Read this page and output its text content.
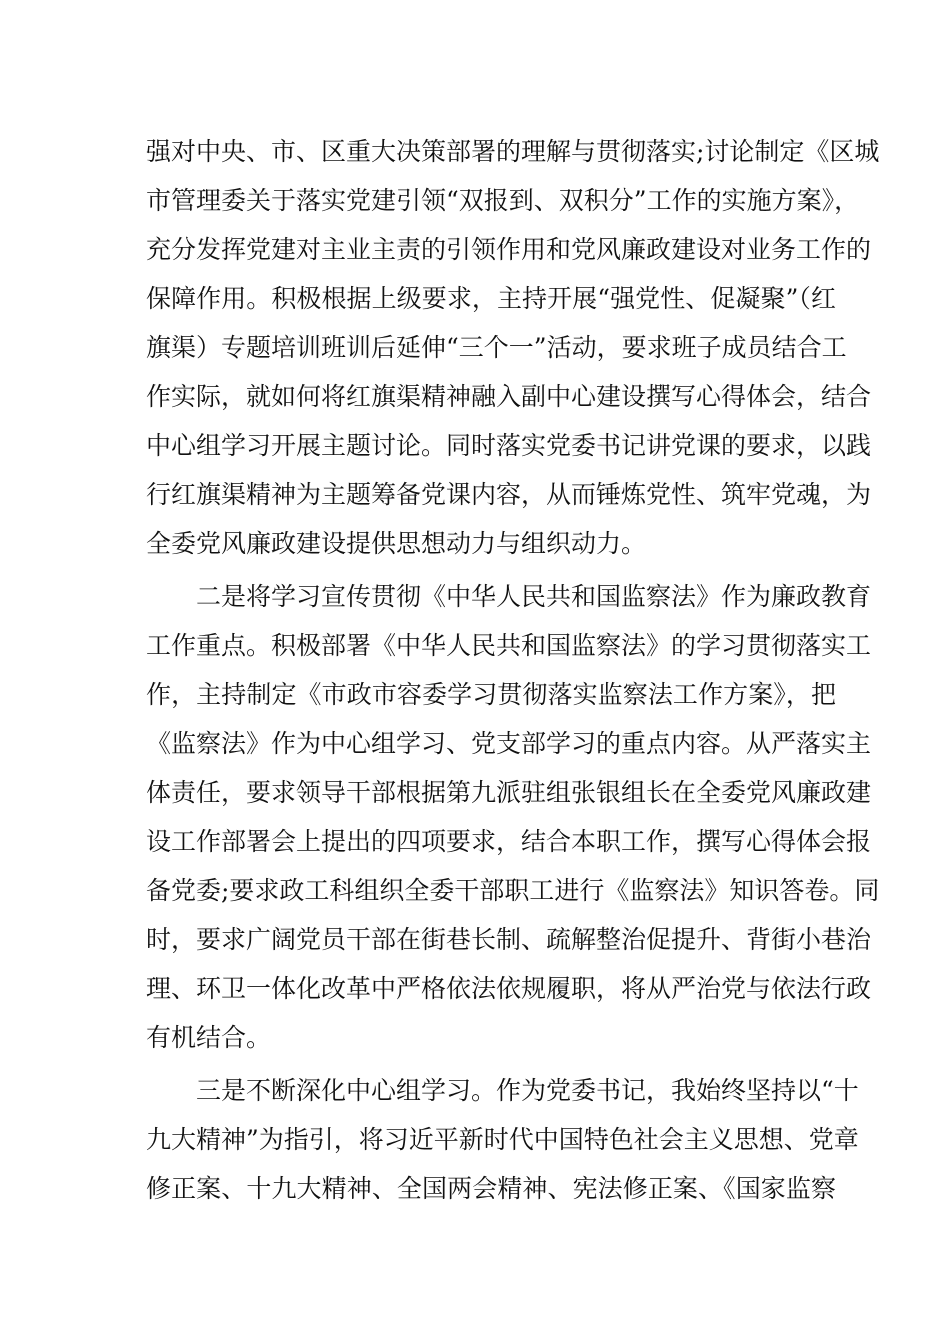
强对中央、市、区重大决策部署的理解与贯彻落实;讨论制定《区城
市管理委关于落实党建引领“双报到、双积分”工作的实施方案》，
充分发挥党建对主业主责的引领作用和党风廉政建设对业务工作的
保障作用。积极根据上级要求，主持开展“强党性、促凝聚”（红
旗渠）专题培训班训后延伸“三个一”活动，要求班子成员结合工
作实际，就如何将红旗渠精神融入副中心建设撰写心得体会，结合
中心组学习开展主题讨论。同时落实党委书记讲党课的要求，以践
行红旗渠精神为主题筹备党课内容，从而锤炼党性、筑牢党魂，为
全委党风廉政建设提供思想动力与组织动力。
二是将学习宣传贯彻《中华人民共和国监察法》作为廉政教育
工作重点。积极部署《中华人民共和国监察法》的学习贯彻落实工
作，主持制定《市政市容委学习贯彻落实监察法工作方案》，把
《监察法》作为中心组学习、党支部学习的重点内容。从严落实主
体责任，要求领导干部根据第九派驻组张银组长在全委党风廉政建
设工作部署会上提出的四项要求，结合本职工作，撰写心得体会报
备党委;要求政工科组织全委干部职工进行《监察法》知识答卷。同
时，要求广阔党员干部在街巷长制、疏解整治促提升、背街小巷治
理、环卫一体化改革中严格依法依规履职，将从严治党与依法行政
有机结合。
三是不断深化中心组学习。作为党委书记，我始终坚持以“十
九大精神”为指引，将习近平新时代中国特色社会主义思想、党章
修正案、十九大精神、全国两会精神、宪法修正案、《国家监察
